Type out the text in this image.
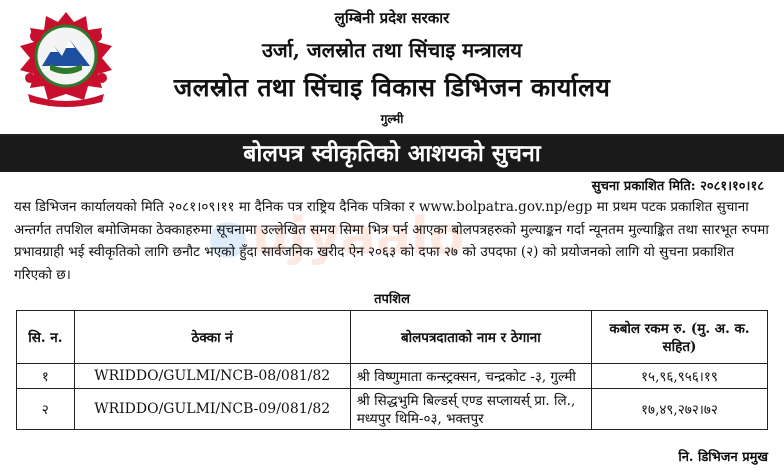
लुम्बिनी प्रदेश सरकार
उर्जा, जलस्रोत तथा सिंचाइ मन्त्रालय
जलस्रोत तथा सिंचाइ विकास डिभिजन कार्यालय
गुल्मी
बोलपत्र स्वीकृतिको आशयको सुचना
सुचना प्रकाशित मिति: २०८१।१०।१८
ujyaalo
यस डिभिजन कार्यालयको मिति २०८१।०९।११ मा दैनिक पत्र राष्ट्रिय दैनिक पत्रिका र www.bolpatra.gov.np/egp मा प्रथम पटक प्रकाशित सुचाना अन्तर्गत तपशिल बमोजिमका ठेक्काहरुमा सूचनामा उल्लेखित समय सिमा भित्र पर्न आएका बोलपत्रहरुको मुल्याङ्कन गर्दा न्यूनतम मुल्याङ्कित तथा सारभूत रुपमा प्रभावग्राही भई स्वीकृतिको लागि छनौट भएको हुँदा सार्वजनिक खरीद ऐन २०६३ को दफा २७ को उपदफा (२) को प्रयोजनको लागि यो सुचना प्रकाशित गरिएको छ।
तपशिल
सि. न.	ठेक्का नं	बोलपत्रदाताको नाम र ठेगाना	कबोल रकम रु. (मु. अ. क. सहित)
१	WRIDDO/GULMI/NCB-08/081/82	श्री विष्णुमाता कन्स्ट्रक्सन, चन्द्रकोट -३, गुल्मी	१५,९६,९५६।१९
२	WRIDDO/GULMI/NCB-09/081/82	श्री सिद्धभुमि बिल्डर्स् एण्ड सप्लायर्स् प्रा. लि., मध्यपुर थिमि-०३, भक्तपुर	१७,४९,२७२।७२
नि. डिभिजन प्रमुख
